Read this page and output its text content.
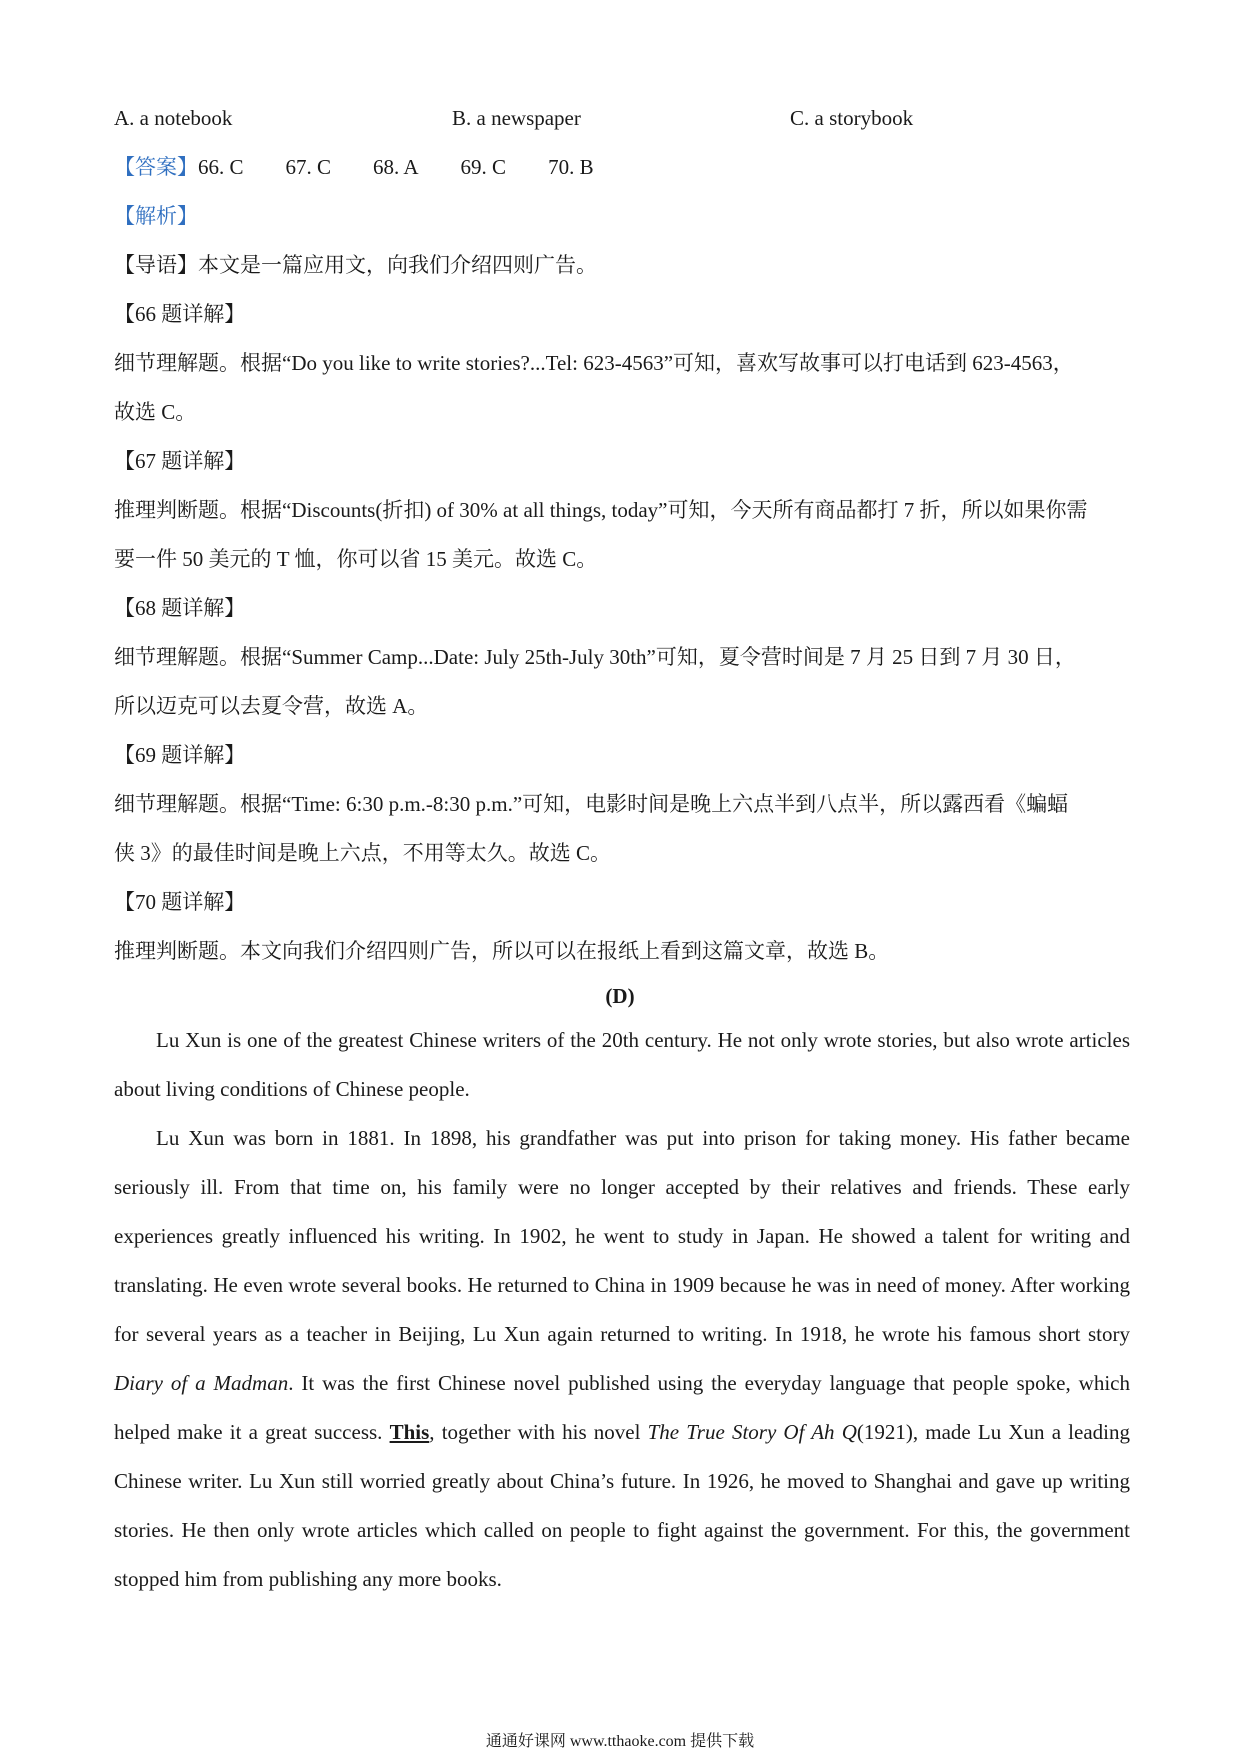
A. a notebook	B. a newspaper	C. a storybook
【答案】66. C 67. C 68. A 69. C 70. B
【解析】
【导语】本文是一篇应用文，向我们介绍四则广告。
【66 题详解】
细节理解题。根据“Do you like to write stories?...Tel: 623-4563”可知，喜欢写故事可以打电话到 623-4563，
故选 C。
【67 题详解】
推理判断题。根据“Discounts(折扣) of 30% at all things, today”可知，今天所有商品都打 7 折，所以如果你需
要一件 50 美元的 T 恤，你可以省 15 美元。故选 C。
【68 题详解】
细节理解题。根据“Summer Camp...Date: July 25th-July 30th”可知，夏令营时间是 7 月 25 日到 7 月 30 日，
所以迈克可以去夏令营，故选 A。
【69 题详解】
细节理解题。根据“Time: 6:30 p.m.-8:30 p.m.”可知，电影时间是晚上六点半到八点半，所以露西看《蝙蝠
侠 3》的最佳时间是晚上六点，不用等太久。故选 C。
【70 题详解】
推理判断题。本文向我们介绍四则广告，所以可以在报纸上看到这篇文章，故选 B。
(D)

Lu Xun is one of the greatest Chinese writers of the 20th century. He not only wrote stories, but also wrote articles about living conditions of Chinese people.

Lu Xun was born in 1881. In 1898, his grandfather was put into prison for taking money. His father became seriously ill. From that time on, his family were no longer accepted by their relatives and friends. These early experiences greatly influenced his writing. In 1902, he went to study in Japan. He showed a talent for writing and translating. He even wrote several books. He returned to China in 1909 because he was in need of money. After working for several years as a teacher in Beijing, Lu Xun again returned to writing. In 1918, he wrote his famous short story Diary of a Madman. It was the first Chinese novel published using the everyday language that people spoke, which helped make it a great success. This, together with his novel The True Story Of Ah Q(1921), made Lu Xun a leading Chinese writer. Lu Xun still worried greatly about China’s future. In 1926, he moved to Shanghai and gave up writing stories. He then only wrote articles which called on people to fight against the government. For this, the government stopped him from publishing any more books.

通通好课网 www.tthaoke.com 提供下载
